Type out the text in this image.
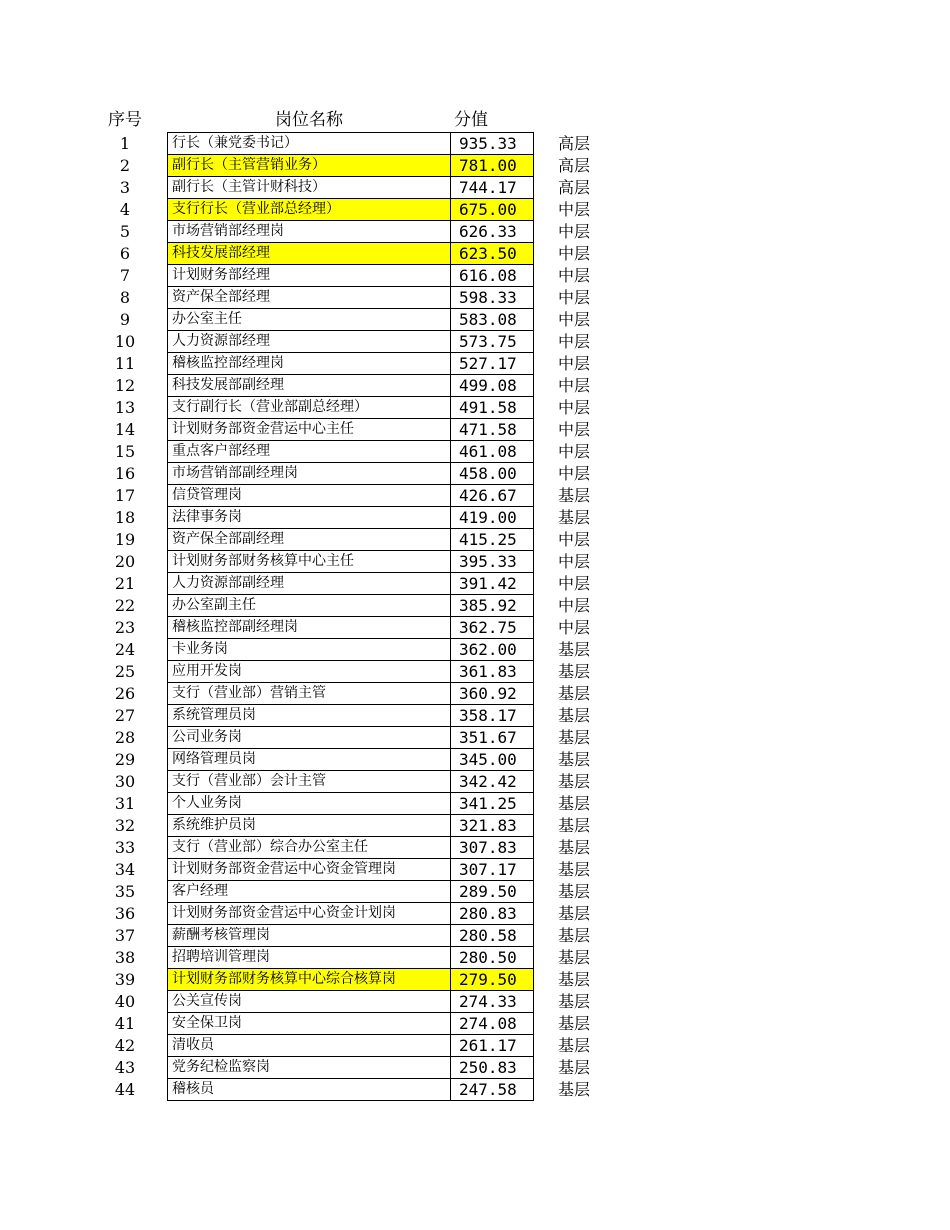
序号	岗位名称	分值
1		行长（兼党委书记）	935.33		高层
2		副行长（主管营销业务）	781.00		高层
3		副行长（主管计财科技）	744.17		高层
4		支行行长（营业部总经理）	675.00		中层
5		市场营销部经理岗	626.33		中层
6		科技发展部经理	623.50		中层
7		计划财务部经理	616.08		中层
8		资产保全部经理	598.33		中层
9		办公室主任	583.08		中层
10		人力资源部经理	573.75		中层
11		稽核监控部经理岗	527.17		中层
12		科技发展部副经理	499.08		中层
13		支行副行长（营业部副总经理）	491.58		中层
14		计划财务部资金营运中心主任	471.58		中层
15		重点客户部经理	461.08		中层
16		市场营销部副经理岗	458.00		中层
17		信贷管理岗	426.67		基层
18		法律事务岗	419.00		基层
19		资产保全部副经理	415.25		中层
20		计划财务部财务核算中心主任	395.33		中层
21		人力资源部副经理	391.42		中层
22		办公室副主任	385.92		中层
23		稽核监控部副经理岗	362.75		中层
24		卡业务岗	362.00		基层
25		应用开发岗	361.83		基层
26		支行（营业部）营销主管	360.92		基层
27		系统管理员岗	358.17		基层
28		公司业务岗	351.67		基层
29		网络管理员岗	345.00		基层
30		支行（营业部）会计主管	342.42		基层
31		个人业务岗	341.25		基层
32		系统维护员岗	321.83		基层
33		支行（营业部）综合办公室主任	307.83		基层
34		计划财务部资金营运中心资金管理岗	307.17		基层
35		客户经理	289.50		基层
36		计划财务部资金营运中心资金计划岗	280.83		基层
37		薪酬考核管理岗	280.58		基层
38		招聘培训管理岗	280.50		基层
39		计划财务部财务核算中心综合核算岗	279.50		基层
40		公关宣传岗	274.33		基层
41		安全保卫岗	274.08		基层
42		清收员	261.17		基层
43		党务纪检监察岗	250.83		基层
44		稽核员	247.58		基层
